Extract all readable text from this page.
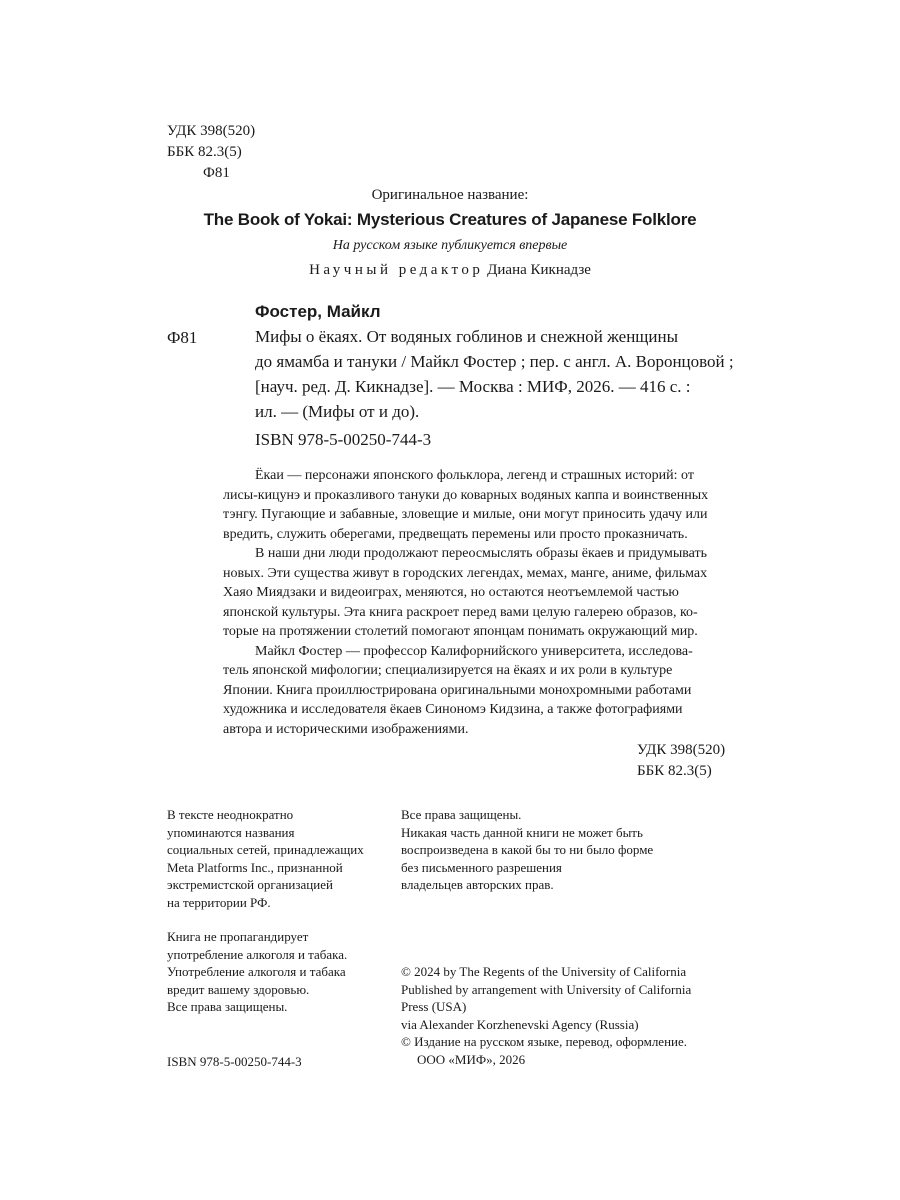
УДК 398(520)
ББК 82.3(5)
Ф81
Оригинальное название:
The Book of Yokai: Mysterious Creatures of Japanese Folklore
На русском языке публикуется впервые
Научный редактор Диана Кикнадзе
Фостер, Майкл
Ф81	Мифы о ёкаях. От водяных гоблинов и снежной женщины
до ямамба и тануки / Майкл Фостер ; пер. с англ. А. Воронцовой ;
[науч. ред. Д. Кикнадзе]. — Москва : МИФ, 2026. — 416 с. :
ил. — (Мифы от и до).
ISBN 978-5-00250-744-3
Ёкаи — персонажи японского фольклора, легенд и страшных историй: от
лисы-кицунэ и проказливого тануки до коварных водяных каппа и воинственных
тэнгу. Пугающие и забавные, зловещие и милые, они могут приносить удачу или
вредить, служить оберегами, предвещать перемены или просто проказничать.
В наши дни люди продолжают переосмыслять образы ёкаев и придумывать
новых. Эти существа живут в городских легендах, мемах, манге, аниме, фильмах
Хаяо Миядзаки и видеоиграх, меняются, но остаются неотъемлемой частью
японской культуры. Эта книга раскроет перед вами целую галерею образов, ко-
торые на протяжении столетий помогают японцам понимать окружающий мир.
Майкл Фостер — профессор Калифорнийского университета, исследова-
тель японской мифологии; специализируется на ёкаях и их роли в культуре
Японии. Книга проиллюстрирована оригинальными монохромными работами
художника и исследователя ёкаев Синономэ Кидзина, а также фотографиями
автора и историческими изображениями.
УДК 398(520)
ББК 82.3(5)
В тексте неоднократно
упоминаются названия
социальных сетей, принадлежащих
Meta Platforms Inc., признанной
экстремистской организацией
на территории РФ.
Книга не пропагандирует
употребление алкоголя и табака.
Употребление алкоголя и табака
вредит вашему здоровью.
Все права защищены.
Все права защищены.
Никакая часть данной книги не может быть
воспроизведена в какой бы то ни было форме
без письменного разрешения
владельцев авторских прав.
© 2024 by The Regents of the University of California
Published by arrangement with University of California
Press (USA)
via Alexander Korzhenevski Agency (Russia)
© Издание на русском языке, перевод, оформление.
ООО «МИФ», 2026
ISBN 978-5-00250-744-3
